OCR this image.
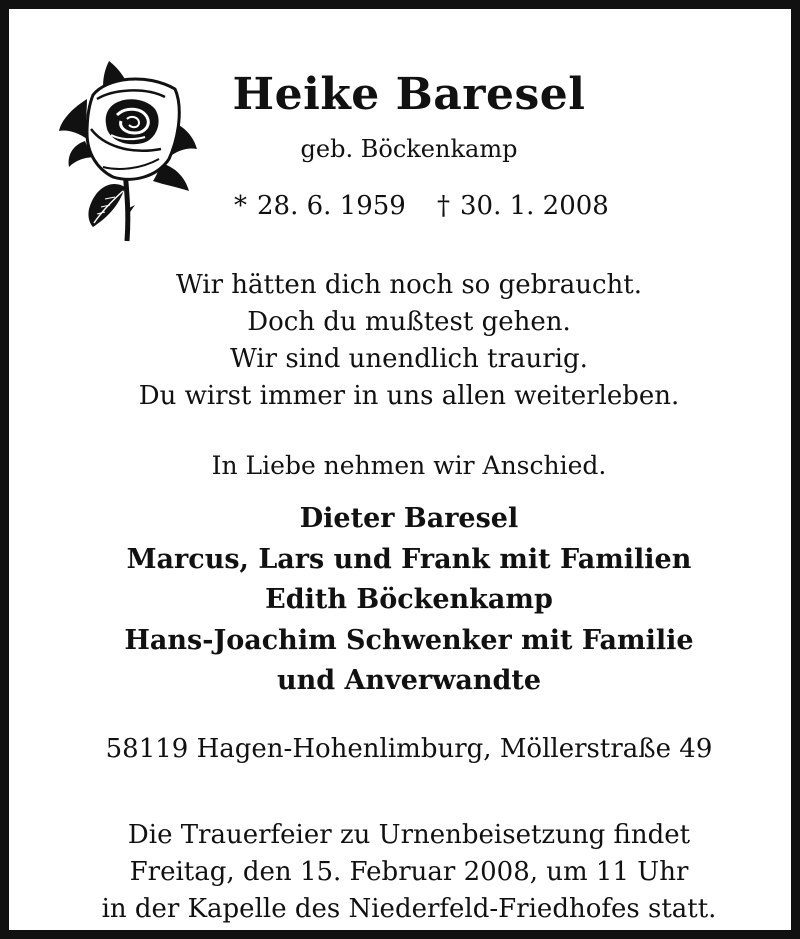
Heike Baresel
geb. Böckenkamp
* 28. 6. 1959 † 30. 1. 2008
Wir hätten dich noch so gebraucht.
Doch du mußtest gehen.
Wir sind unendlich traurig.
Du wirst immer in uns allen weiterleben.
In Liebe nehmen wir Anschied.
Dieter Baresel
Marcus, Lars und Frank mit Familien
Edith Böckenkamp
Hans-Joachim Schwenker mit Familie
und Anverwandte
58119 Hagen-Hohenlimburg, Möllerstraße 49
Die Trauerfeier zu Urnenbeisetzung findet
Freitag, den 15. Februar 2008, um 11 Uhr
in der Kapelle des Niederfeld-Friedhofes statt.
